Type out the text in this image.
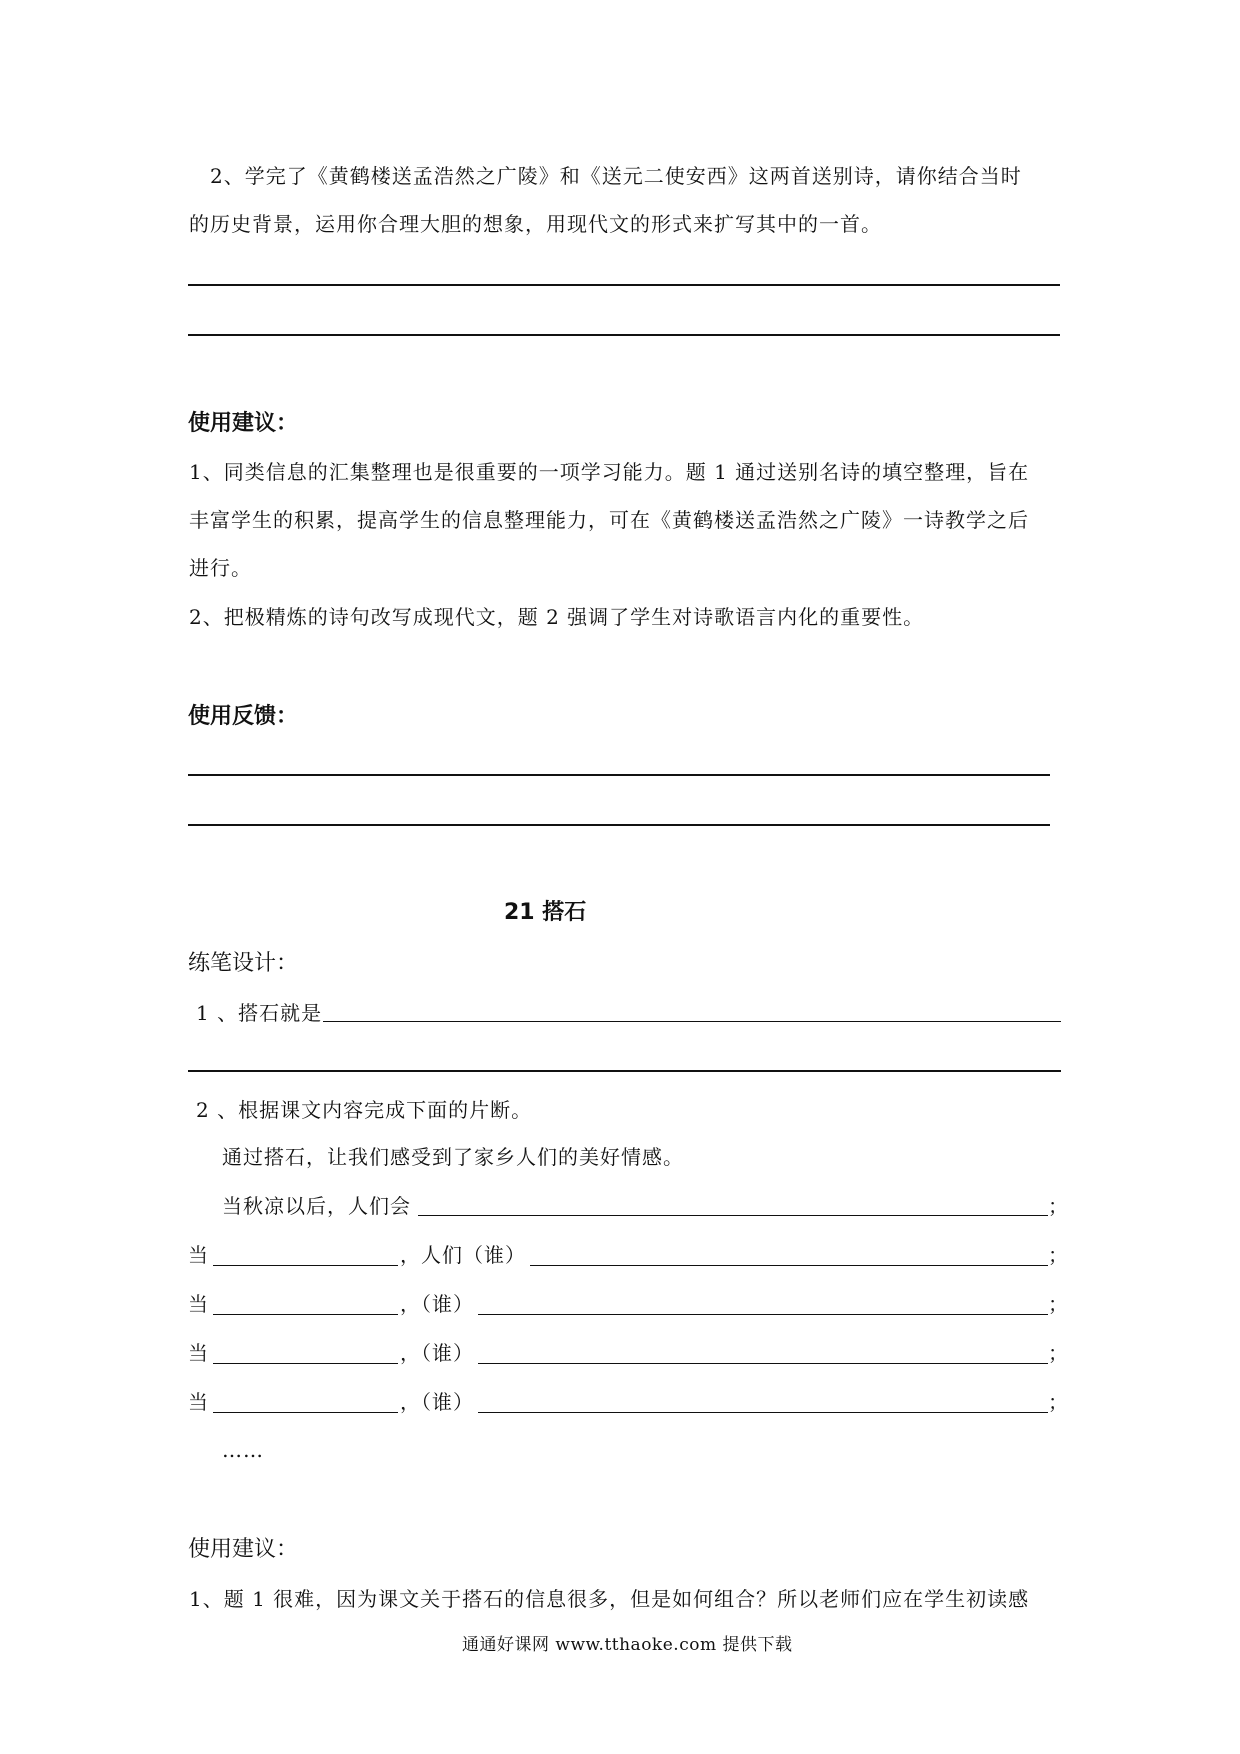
2、学完了《黄鹤楼送孟浩然之广陵》和《送元二使安西》这两首送别诗，请你结合当时
的历史背景，运用你合理大胆的想象，用现代文的形式来扩写其中的一首。
使用建议：
1、同类信息的汇集整理也是很重要的一项学习能力。题 1 通过送别名诗的填空整理，旨在
丰富学生的积累，提高学生的信息整理能力，可在《黄鹤楼送孟浩然之广陵》一诗教学之后
进行。
2、把极精炼的诗句改写成现代文，题 2 强调了学生对诗歌语言内化的重要性。
使用反馈：
21 搭石
练笔设计：
1 、搭石就是
2 、根据课文内容完成下面的片断。
通过搭石，让我们感受到了家乡人们的美好情感。
当秋凉以后，人们会	；
当	，人们（谁）	；
当	，（谁）	；
当	，（谁）	；
当	，（谁）	；
……
使用建议：
1、题 1 很难，因为课文关于搭石的信息很多，但是如何组合？所以老师们应在学生初读感
通通好课网 www.tthaoke.com 提供下载
